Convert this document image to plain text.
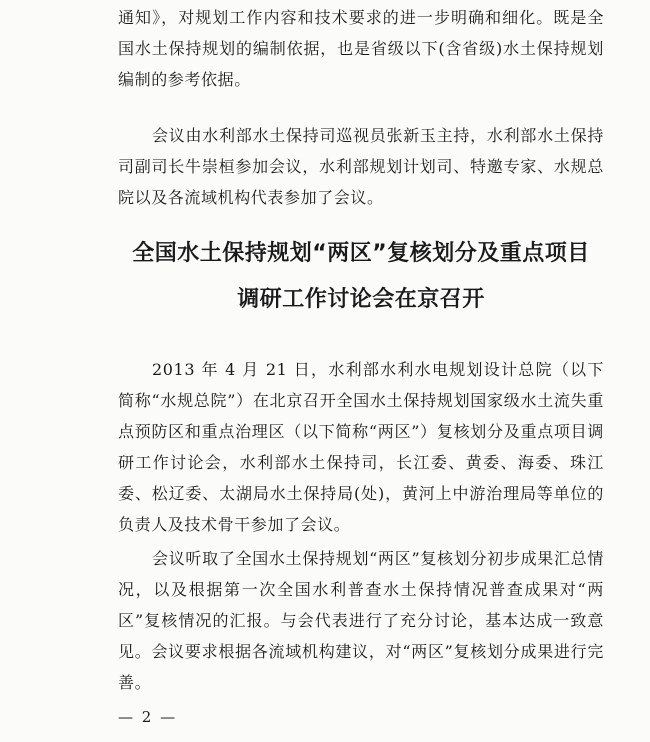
通知》，对规划工作内容和技术要求的进一步明确和细化。既是全国水土保持规划的编制依据，也是省级以下(含省级)水土保持规划编制的参考依据。

会议由水利部水土保持司巡视员张新玉主持，水利部水土保持司副司长牛崇桓参加会议，水利部规划计划司、特邀专家、水规总院以及各流域机构代表参加了会议。

全国水土保持规划“两区”复核划分及重点项目
调研工作讨论会在京召开

2013 年 4 月 21 日，水利部水利水电规划设计总院（以下简称“水规总院”）在北京召开全国水土保持规划国家级水土流失重点预防区和重点治理区（以下简称“两区”）复核划分及重点项目调研工作讨论会，水利部水土保持司，长江委、黄委、海委、珠江委、松辽委、太湖局水土保持局(处)，黄河上中游治理局等单位的负责人及技术骨干参加了会议。

会议听取了全国水土保持规划“两区”复核划分初步成果汇总情况，以及根据第一次全国水利普查水土保持情况普查成果对“两区”复核情况的汇报。与会代表进行了充分讨论，基本达成一致意见。会议要求根据各流域机构建议，对“两区”复核划分成果进行完善。

— 2 —
